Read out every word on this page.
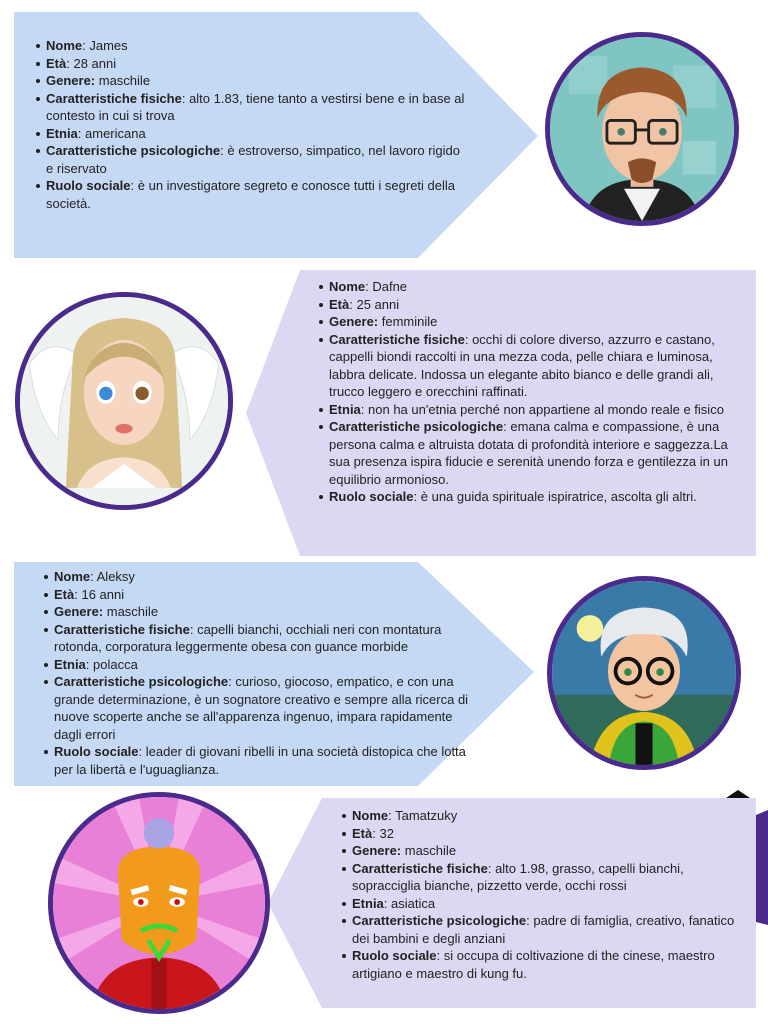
Nome: James
Età: 28 anni
Genere: maschile
Caratteristiche fisiche: alto 1.83, tiene tanto a vestirsi bene e in base al contesto in cui si trova
Etnia: americana
Caratteristiche psicologiche: è estroverso, simpatico, nel lavoro rigido e riservato
Ruolo sociale: è un investigatore segreto e conosce tutti i segreti della società.
Nome: Dafne
Età: 25 anni
Genere: femminile
Caratteristiche fisiche: occhi di colore diverso, azzurro e castano, cappelli biondi raccolti in una mezza coda, pelle chiara e luminosa, labbra delicate. Indossa un elegante abito bianco e delle grandi ali, trucco leggero e orecchini raffinati.
Etnia: non ha un'etnia perché non appartiene al mondo reale e fisico
Caratteristiche psicologiche: emana calma e compassione, è una persona calma e altruista dotata di profondità interiore e saggezza.La sua presenza ispira fiducie e serenità unendo forza e gentilezza in un equilibrio armonioso.
Ruolo sociale: è una guida spirituale ispiratrice, ascolta gli altri.
Nome: Aleksy
Età: 16 anni
Genere: maschile
Caratteristiche fisiche: capelli bianchi, occhiali neri con montatura rotonda, corporatura leggermente obesa con guance morbide
Etnia: polacca
Caratteristiche psicologiche: curioso, giocoso, empatico, e con una grande determinazione, è un sognatore creativo e sempre alla ricerca di nuove scoperte anche se all'apparenza ingenuo, impara rapidamente dagli errori
Ruolo sociale: leader di giovani ribelli in una società distopica che lotta per la libertà e l'uguaglianza.
Nome: Tamatzuky
Età: 32
Genere: maschile
Caratteristiche fisiche: alto 1.98, grasso, capelli bianchi, sopracciglia bianche, pizzetto verde, occhi rossi
Etnia: asiatica
Caratteristiche psicologiche: padre di famiglia, creativo, fanatico dei bambini e degli anziani
Ruolo sociale: si occupa di coltivazione di the cinese, maestro artigiano e maestro di kung fu.
